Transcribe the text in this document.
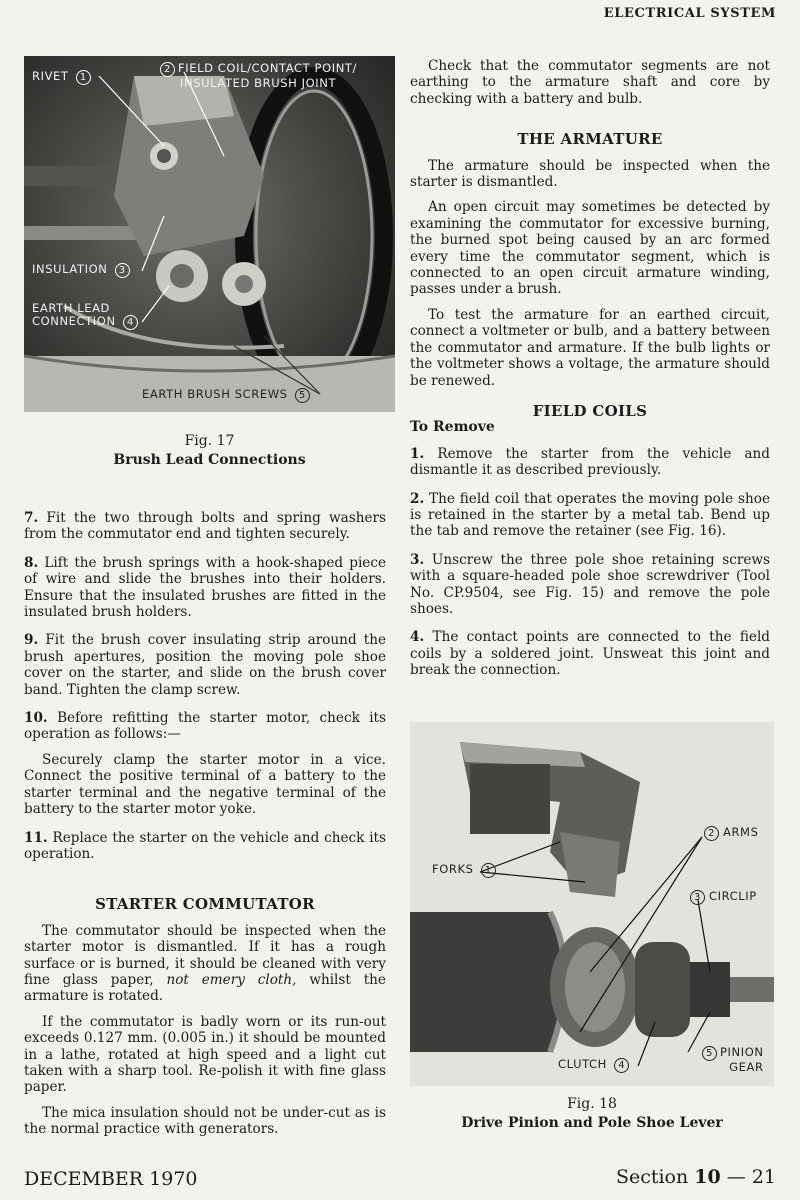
ELECTRICAL SYSTEM
RIVET 1
2 FIELD COIL/CONTACT POINT/
INSULATED BRUSH JOINT
INSULATION 3
EARTH LEAD
CONNECTION 4
EARTH BRUSH SCREWS 5
Fig. 17
Brush Lead Connections

7. Fit the two through bolts and spring washers from the commutator end and tighten securely.

8. Lift the brush springs with a hook-shaped piece of wire and slide the brushes into their holders. Ensure that the insulated brushes are fitted in the insulated brush holders.

9. Fit the brush cover insulating strip around the brush apertures, position the moving pole shoe cover on the starter, and slide on the brush cover band. Tighten the clamp screw.

10. Before refitting the starter motor, check its operation as follows:—

Securely clamp the starter motor in a vice. Connect the positive terminal of a battery to the starter terminal and the negative terminal of the battery to the starter motor yoke.

11. Replace the starter on the vehicle and check its operation.

STARTER COMMUTATOR

The commutator should be inspected when the starter motor is dismantled. If it has a rough surface or is burned, it should be cleaned with very fine glass paper, not emery cloth, whilst the armature is rotated.

If the commutator is badly worn or its run-out exceeds 0.127 mm. (0.005 in.) it should be mounted in a lathe, rotated at high speed and a light cut taken with a sharp tool. Re-polish it with fine glass paper.

The mica insulation should not be under-cut as is the normal practice with generators.

Check that the commutator segments are not earthing to the armature shaft and core by checking with a battery and bulb.

THE ARMATURE

The armature should be inspected when the starter is dismantled.

An open circuit may sometimes be detected by examining the commutator for excessive burning, the burned spot being caused by an arc formed every time the commutator segment, which is connected to an open circuit armature winding, passes under a brush.

To test the armature for an earthed circuit, connect a voltmeter or bulb, and a battery between the commutator and armature. If the bulb lights or the voltmeter shows a voltage, the armature should be renewed.

FIELD COILS
To Remove

1. Remove the starter from the vehicle and dismantle it as described previously.

2. The field coil that operates the moving pole shoe is retained in the starter by a metal tab. Bend up the tab and remove the retainer (see Fig. 16).

3. Unscrew the three pole shoe retaining screws with a square-headed pole shoe screwdriver (Tool No. CP.9504, see Fig. 15) and remove the pole shoes.

4. The contact points are connected to the field coils by a soldered joint. Unsweat this joint and break the connection.

2 ARMS
FORKS 1
3 CIRCLIP
CLUTCH 4
5 PINION
GEAR
Fig. 18
Drive Pinion and Pole Shoe Lever
DECEMBER 1970	Section 10 — 21
